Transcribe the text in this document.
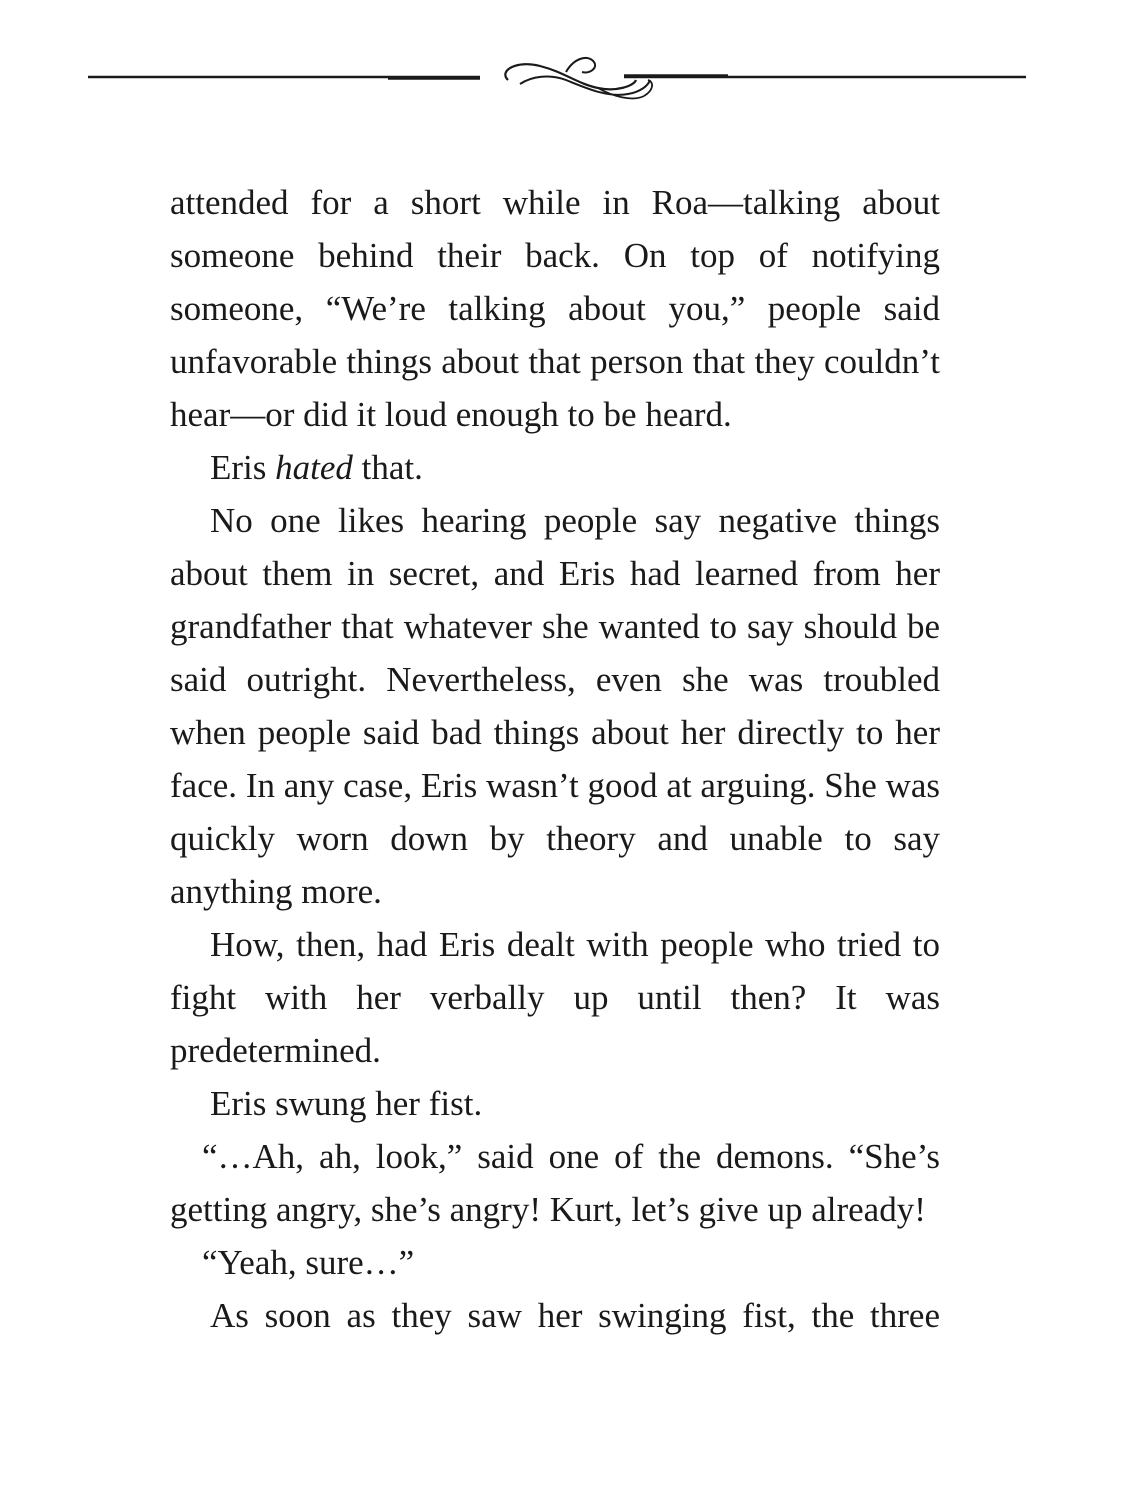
attended for a short while in Roa—talking about someone behind their back. On top of notifying someone, “We’re talking about you,” people said unfavorable things about that person that they couldn’t hear—or did it loud enough to be heard.

Eris hated that.

No one likes hearing people say negative things about them in secret, and Eris had learned from her grandfather that whatever she wanted to say should be said outright. Nevertheless, even she was troubled when people said bad things about her directly to her face. In any case, Eris wasn’t good at arguing. She was quickly worn down by theory and unable to say anything more.

How, then, had Eris dealt with people who tried to fight with her verbally up until then? It was predetermined.

Eris swung her fist.

“…Ah, ah, look,” said one of the demons. “She’s getting angry, she’s angry! Kurt, let’s give up already!

“Yeah, sure…”

As soon as they saw her swinging fist, the three
